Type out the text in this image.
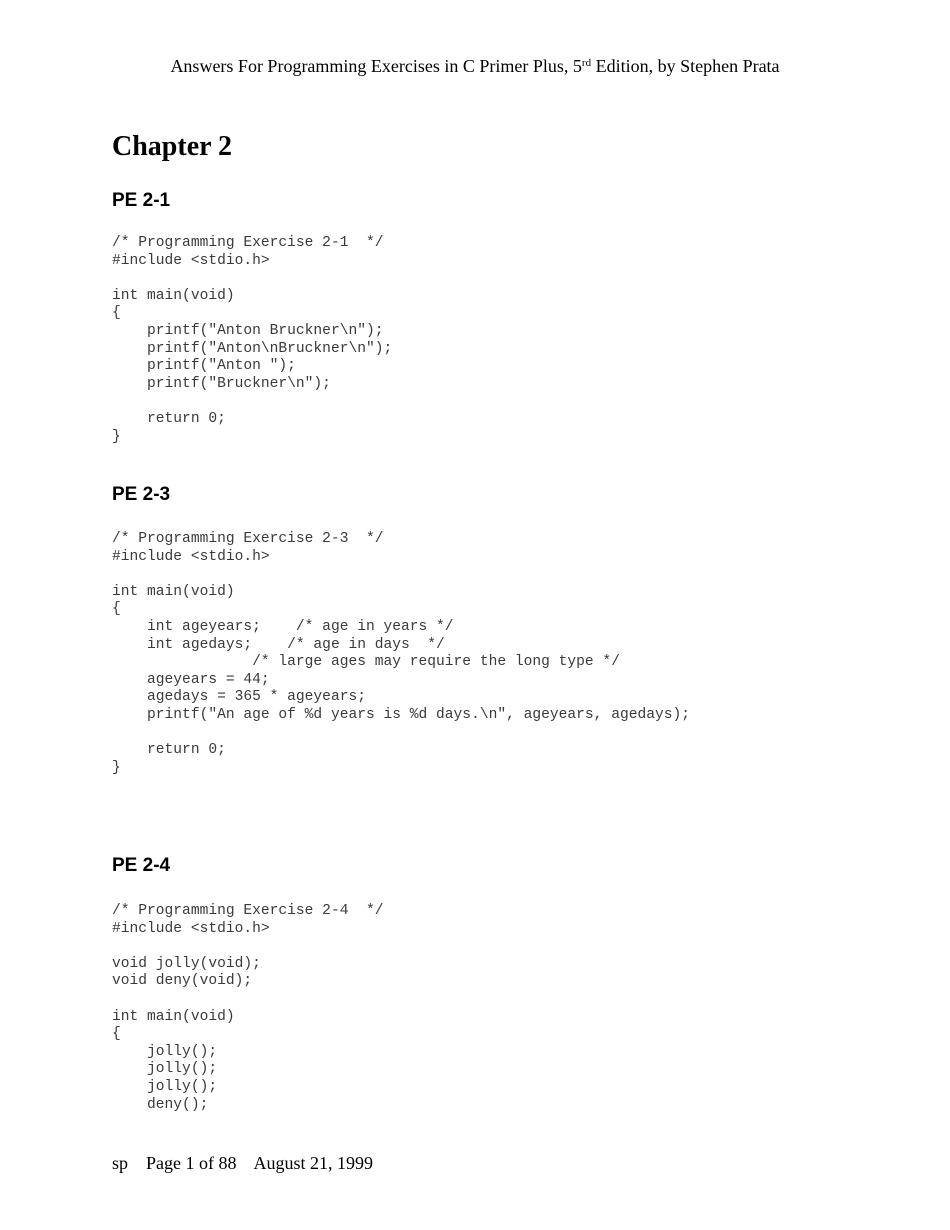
Answers For Programming Exercises in C Primer Plus, 5rd Edition, by Stephen Prata
Chapter 2
PE 2-1
/* Programming Exercise 2-1  */
#include <stdio.h>
int main(void)
{
printf("Anton Bruckner\n");
printf("Anton\nBruckner\n");
printf("Anton ");
printf("Bruckner\n");
return 0;
}
PE 2-3
/* Programming Exercise 2-3  */
#include <stdio.h>
int main(void)
{
int ageyears;    /* age in years */
int agedays;    /* age in days  */
/* large ages may require the long type */
ageyears = 44;
agedays = 365 * ageyears;
printf("An age of %d years is %d days.\n", ageyears, agedays);
return 0;
}
PE 2-4
/* Programming Exercise 2-4  */
#include <stdio.h>
void jolly(void);
void deny(void);
int main(void)
{
jolly();
jolly();
jolly();
deny();
sp    Page 1 of 88    August 21, 1999
